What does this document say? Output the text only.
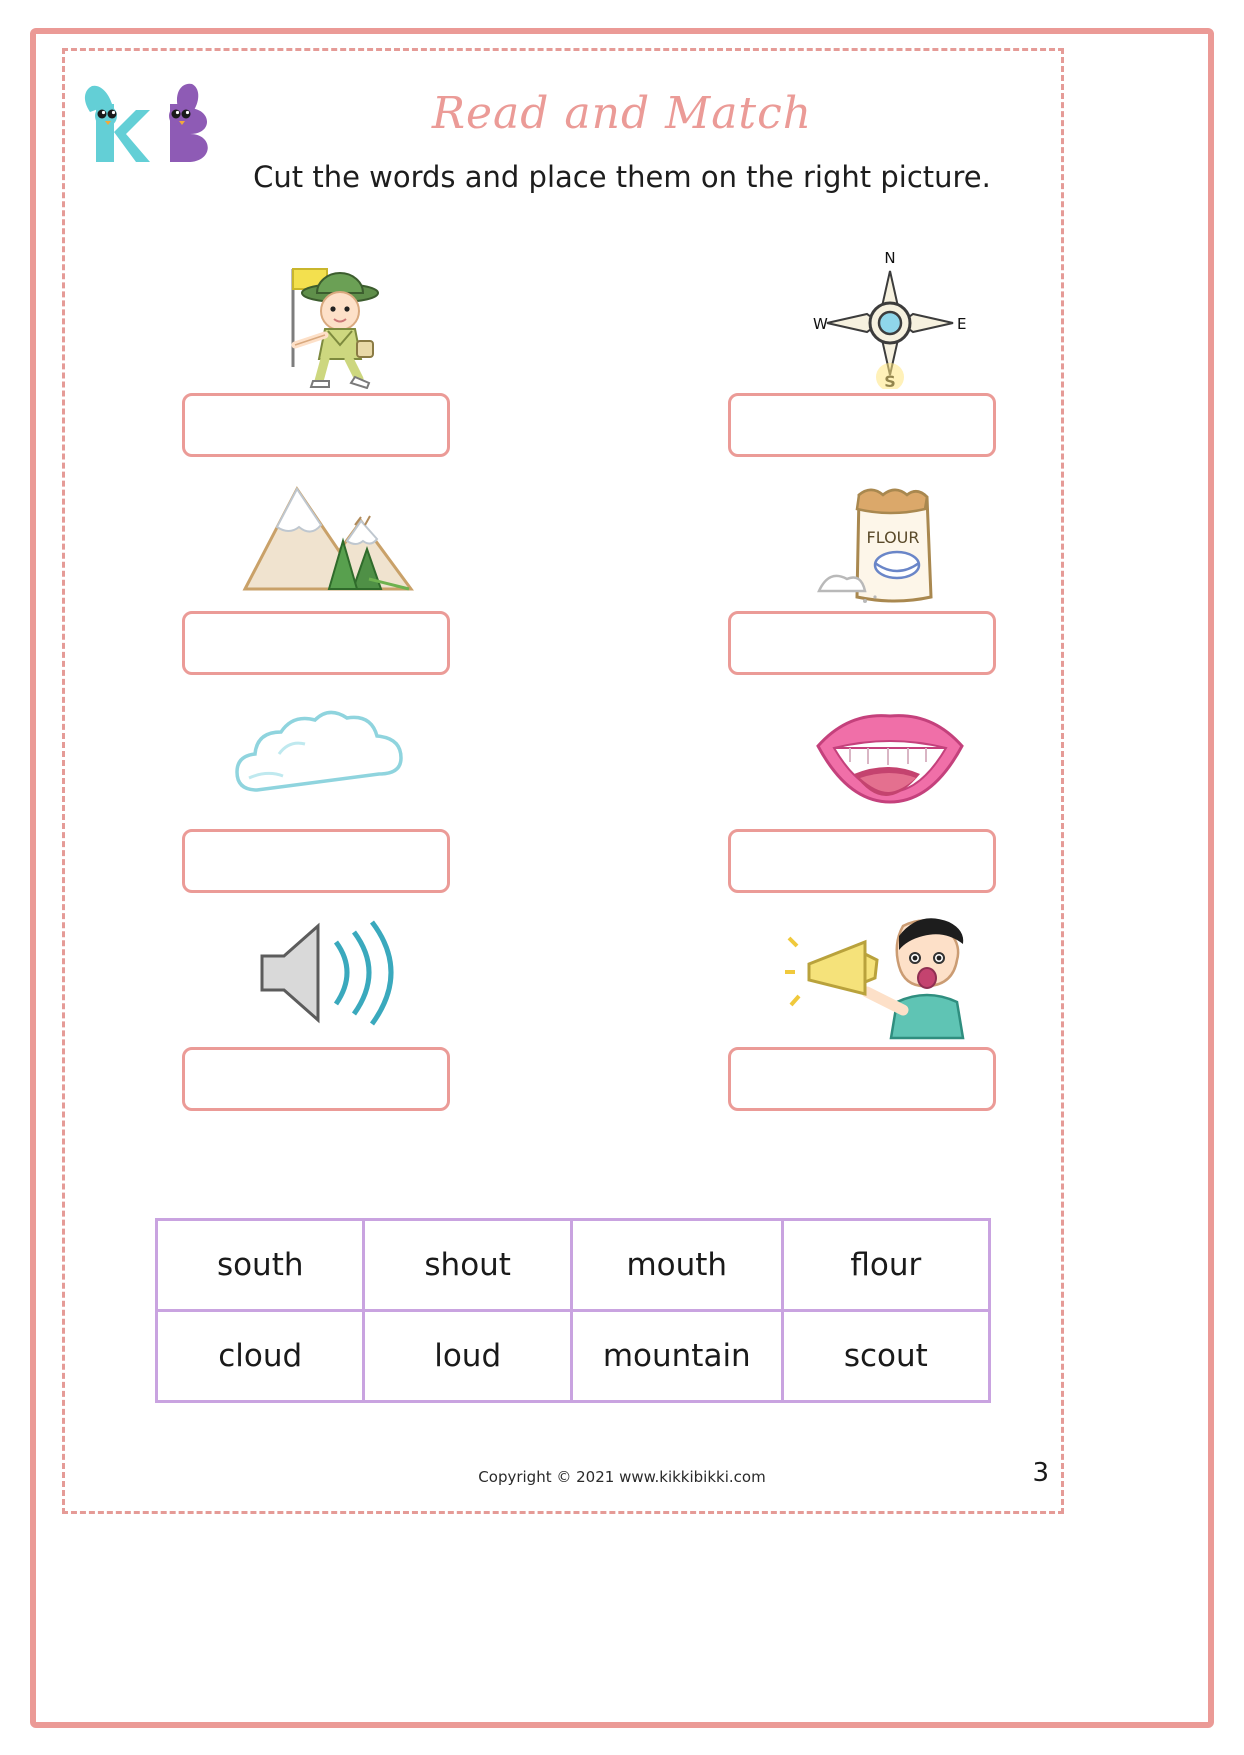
Read and Match
Cut the words and place them on the right picture.
N
W	E
FLOUR
south	shout	mouth	flour
cloud	loud	mountain	scout
Copyright © 2021 www.kikkibikki.com	3
